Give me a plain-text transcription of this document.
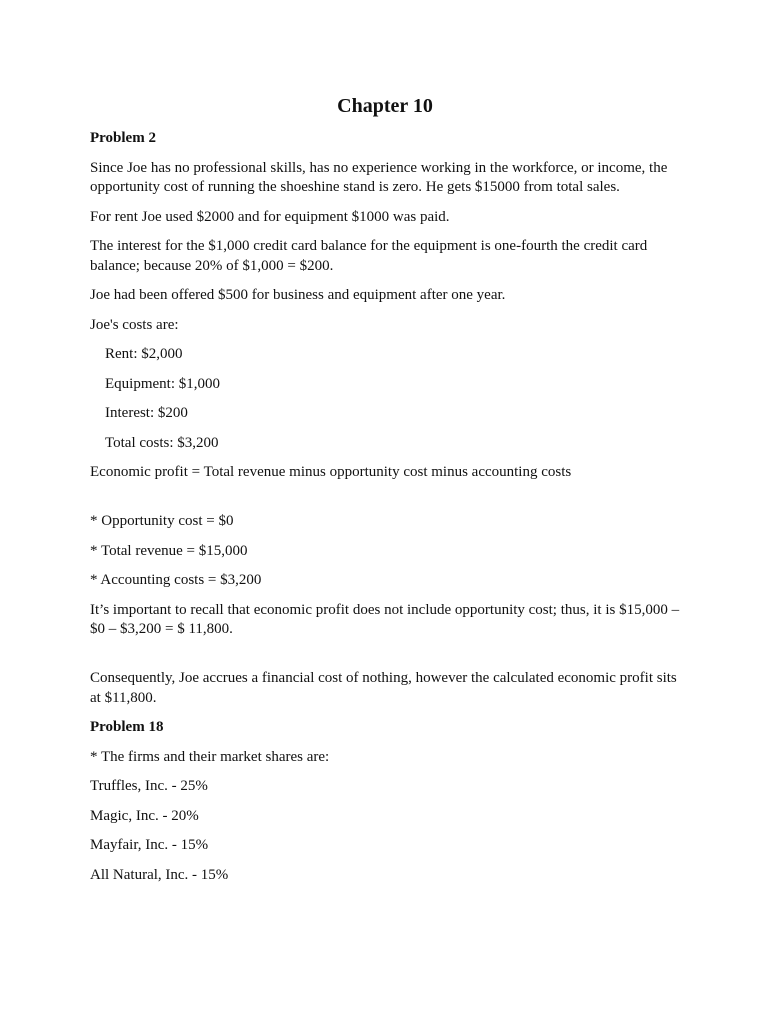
Chapter 10

Problem 2

Since Joe has no professional skills, has no experience working in the workforce, or income, the opportunity cost of running the shoeshine stand is zero. He gets $15000 from total sales.

For rent Joe used $2000 and for equipment $1000 was paid.

The interest for the $1,000 credit card balance for the equipment is one-fourth the credit card balance; because 20% of $1,000 = $200.

Joe had been offered $500 for business and equipment after one year.

Joe's costs are:

Rent: $2,000

Equipment: $1,000

Interest: $200

Total costs: $3,200

Economic profit = Total revenue minus opportunity cost minus accounting costs

* Opportunity cost = $0

* Total revenue = $15,000

* Accounting costs = $3,200

It’s important to recall that economic profit does not include opportunity cost; thus, it is $15,000 – $0 – $3,200 = $ 11,800.

Consequently, Joe accrues a financial cost of nothing, however the calculated economic profit sits at $11,800.

Problem 18

* The firms and their market shares are:

Truffles, Inc. - 25%

Magic, Inc. - 20%

Mayfair, Inc. - 15%

All Natural, Inc. - 15%
